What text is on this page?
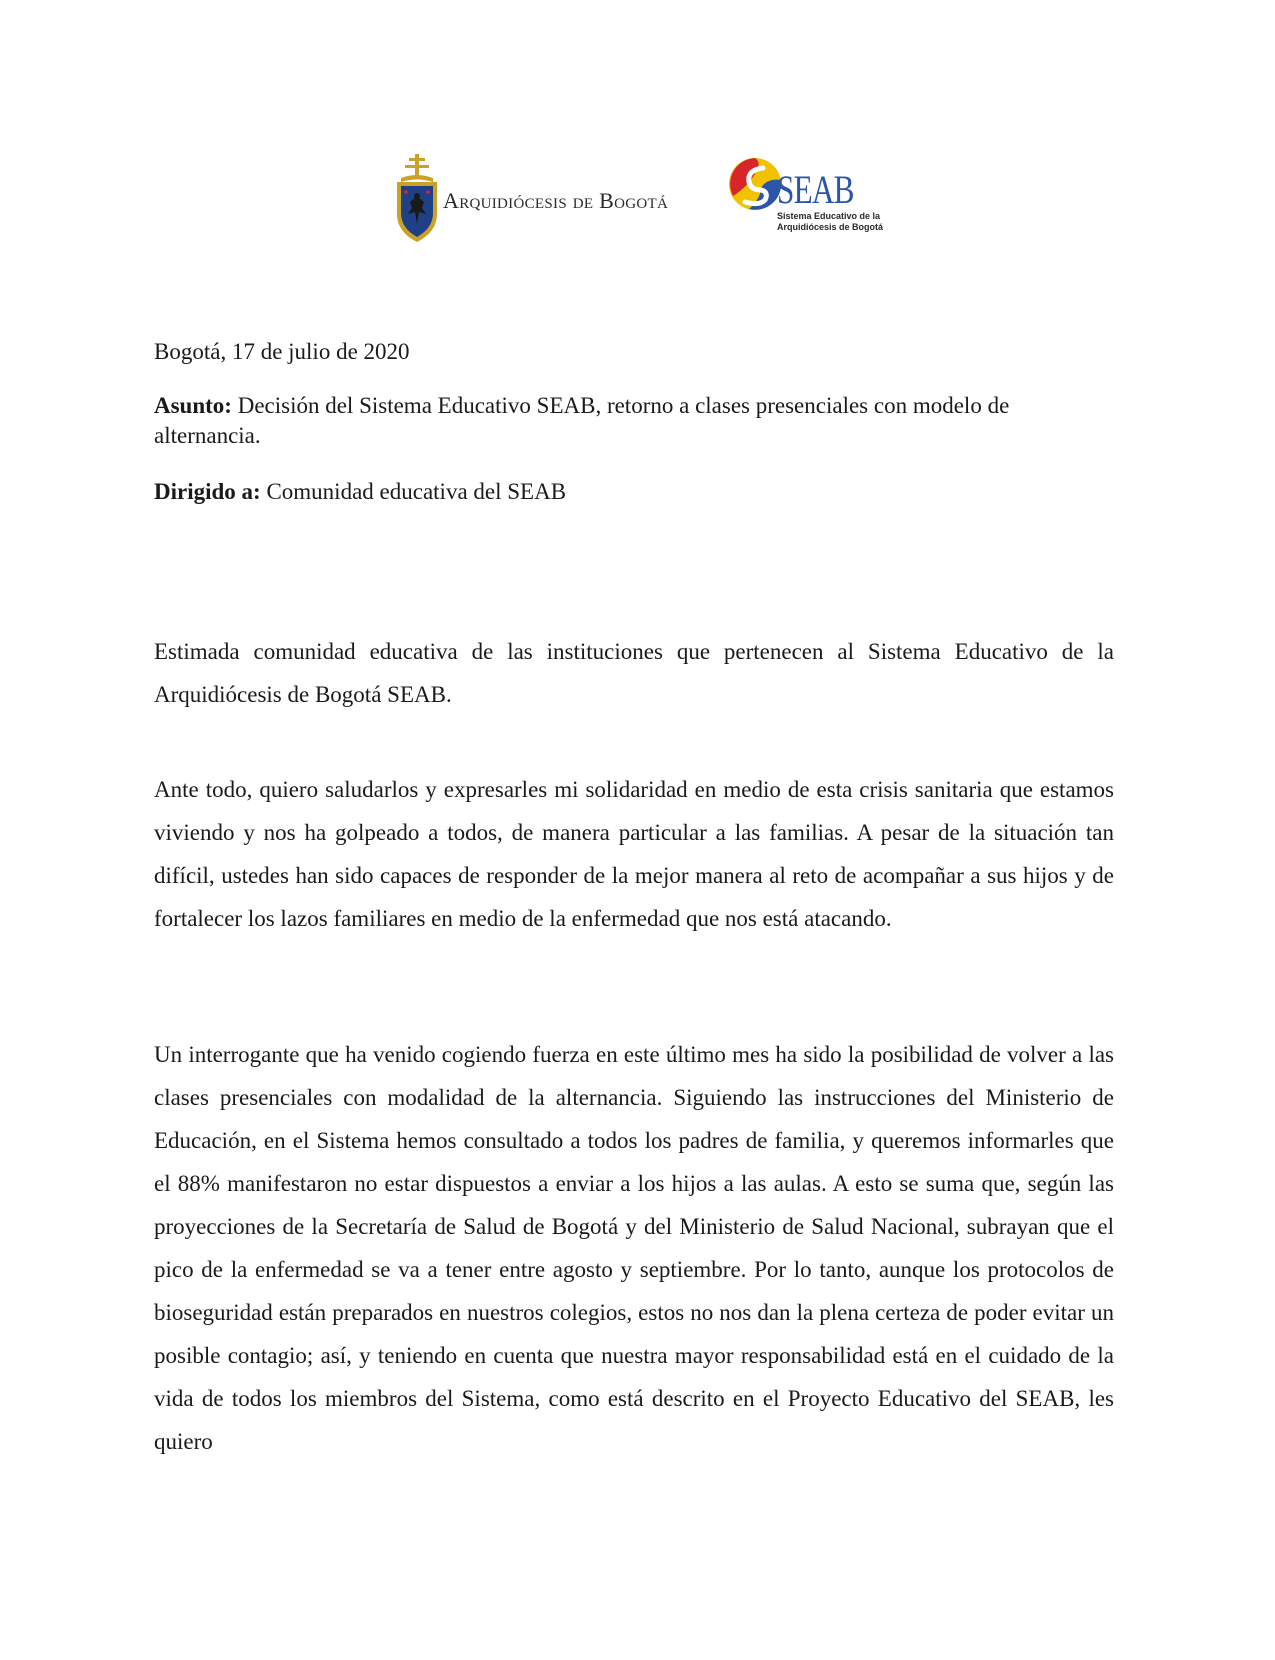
Arquidiócesis de Bogotá	SEAB
Sistema Educativo de la
Arquidiócesis de Bogotá
Bogotá, 17 de julio de 2020
Asunto: Decisión del Sistema Educativo SEAB, retorno a clases presenciales con modelo de alternancia.
Dirigido a: Comunidad educativa del SEAB

Estimada comunidad educativa de las instituciones que pertenecen al Sistema Educativo de la Arquidiócesis de Bogotá SEAB.

Ante todo, quiero saludarlos y expresarles mi solidaridad en medio de esta crisis sanitaria que estamos viviendo y nos ha golpeado a todos, de manera particular a las familias. A pesar de la situación tan difícil, ustedes han sido capaces de responder de la mejor manera al reto de acompañar a sus hijos y de fortalecer los lazos familiares en medio de la enfermedad que nos está atacando.

Un interrogante que ha venido cogiendo fuerza en este último mes ha sido la posibilidad de volver a las clases presenciales con modalidad de la alternancia. Siguiendo las instrucciones del Ministerio de Educación, en el Sistema hemos consultado a todos los padres de familia, y queremos informarles que el 88% manifestaron no estar dispuestos a enviar a los hijos a las aulas. A esto se suma que, según las proyecciones de la Secretaría de Salud de Bogotá y del Ministerio de Salud Nacional, subrayan que el pico de la enfermedad se va a tener entre agosto y septiembre. Por lo tanto, aunque los protocolos de bioseguridad están preparados en nuestros colegios, estos no nos dan la plena certeza de poder evitar un posible contagio; así, y teniendo en cuenta que nuestra mayor responsabilidad está en el cuidado de la vida de todos los miembros del Sistema, como está descrito en el Proyecto Educativo del SEAB, les quiero
